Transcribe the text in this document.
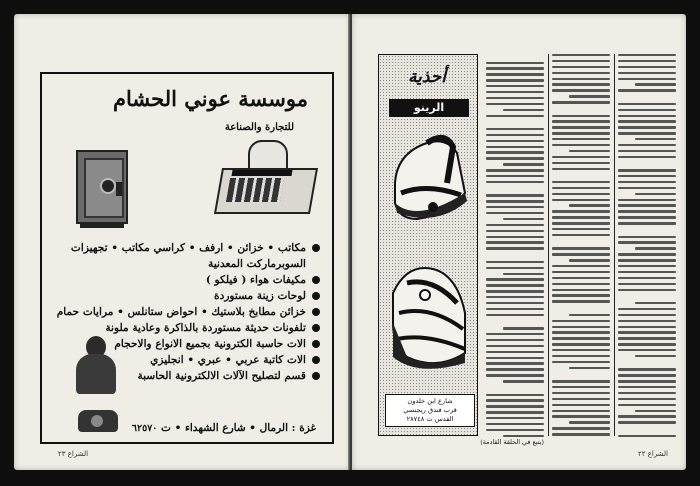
موسسة عوني الحشام
للتجارة والصناعة
مكاتب • خزائن • ارفف • كراسي مكاتب • تجهيزات
السوبرماركت المعدنية
مكيفات هواء ( فيلكو )
لوحات زينة مستوردة
خزائن مطابخ بلاستيك • احواض ستانلس • مرايات حمام
تلفونات حديثة مستوردة بالذاكرة وعادية ملونة
الات حاسبة الكترونية بجميع الانواع والاحجام
الات كاتبة عربي • عبري • انجليزي
قسم لتصليح الآلات الالكترونية الحاسبة
غزة : الرمال • شارع الشهداء • ت ٦٢٥٧٠
الشراع ٢٣
أحذية
الرينو
شارع ابن خلدون
قرب فندق ريجنسي
القدس ت ٢٨٧٤٨
(يتبع في الحلقة القادمة)
الشراع ٢٢
